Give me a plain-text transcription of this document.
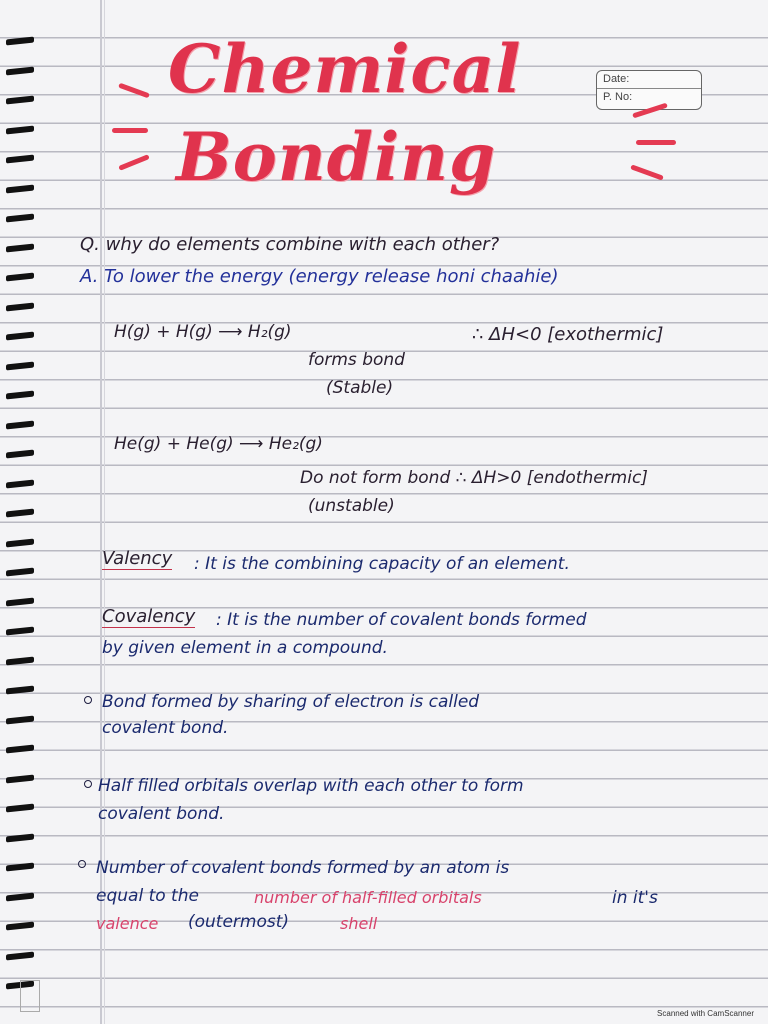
Date:
P. No:
Chemical
Bonding
Q. why do elements combine with each other?
A. To lower the energy (energy release honi chaahie)
H(g) + H(g) ⟶ H₂(g)	∴ ΔH<0 [exothermic]
forms bond
(Stable)
He(g) + He(g) ⟶ He₂(g)
Do not form bond ∴ ΔH>0 [endothermic]
(unstable)
Valency : It is the combining capacity of an element.
Covalency : It is the number of covalent bonds formed
by given element in a compound.
Bond formed by sharing of electron is called
covalent bond.
Half filled orbitals overlap with each other to form
covalent bond.
Number of covalent bonds formed by an atom is
equal to the	number of half-filled orbitals	in it's
valence (outermost)	shell
Scanned with CamScanner
